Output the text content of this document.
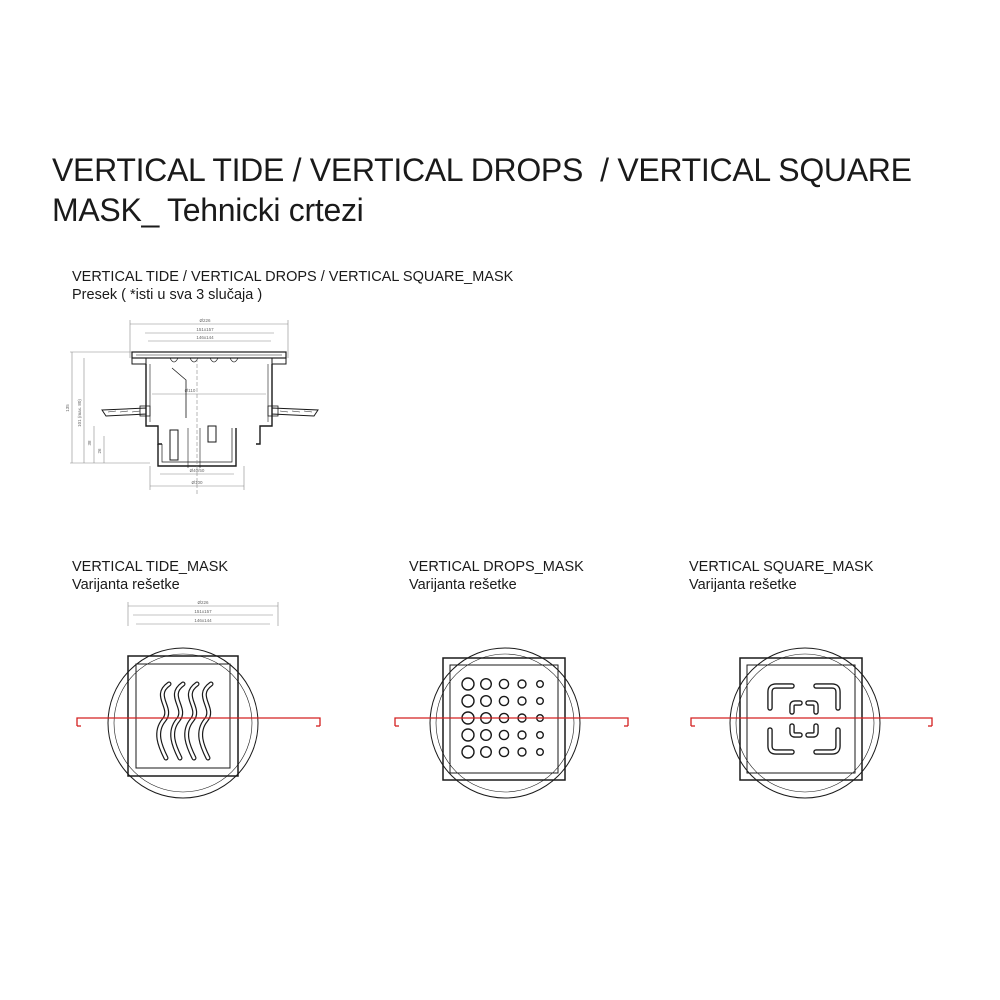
VERTICAL TIDE / VERTICAL DROPS  / VERTICAL SQUARE
MASK_ Tehnicki crtezi
VERTICAL TIDE / VERTICAL DROPS / VERTICAL SQUARE_MASK
Presek ( *isti u sva 3 slučaja )
Ø226
151x157
146x144
135 101 (max. 80)
38
26
Ø110
Ø40/50
Ø100
VERTICAL TIDE_MASK
Varijanta rešetke
VERTICAL DROPS_MASK
Varijanta rešetke
VERTICAL SQUARE_MASK
Varijanta rešetke
Ø226
151x157
146x144
